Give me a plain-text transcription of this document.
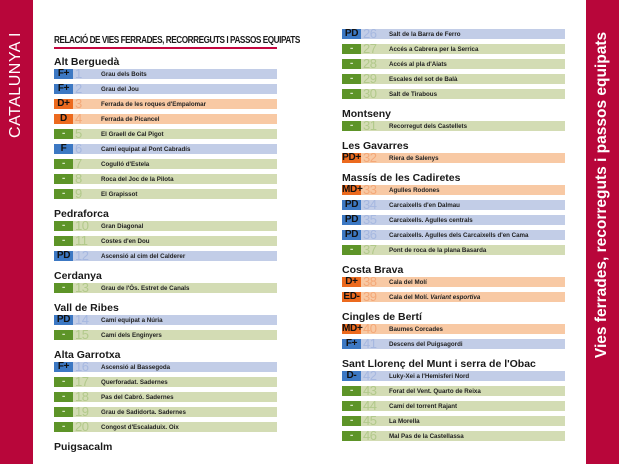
CATALUNYA I	Vies ferrades, recorreguts i passos equipats
RELACIÓ DE VIES FERRADES, RECORREGUTS I PASSOS EQUIPATS
Alt Berguedà
F+ 1	Grau dels Boits
F+ 2	Grau del Jou
D+ 3	Ferrada de les roques d'Empalomar
D 4	Ferrada de Picancel
- 5	El Graell de Cal Pigot
F 6	Camí equipat al Pont Cabradís
- 7	Cogulló d'Estela
- 8	Roca del Joc de la Pilota
- 9	El Grapissot
Pedraforca
- 10	Gran Diagonal
- 11	Costes d'en Dou
PD 12	Ascensió al cim del Calderer
Cerdanya
- 13	Grau de l'Ós. Estret de Canals
Vall de Ribes
PD 14	Camí equipat a Núria
- 15	Camí dels Enginyers
Alta Garrotxa
F+ 16	Ascensió al Bassegoda
- 17	Querforadat. Sadernes
- 18	Pas del Cabró. Sadernes
- 19	Grau de Sadidorta. Sadernes
- 20	Congost d'Escaladuix. Oix
Puigsacalm
PD 26	Salt de la Barra de Ferro
- 27	Accés a Cabrera per la Serrica
- 28	Accés al pla d'Aiats
- 29	Escales del sot de Balà
- 30	Salt de Tirabous
Montseny
- 31	Recorregut dels Castellets
Les Gavarres
PD+ 32	Riera de Salenys
Massís de les Cadiretes
MD+ 33	Agulles Rodones
PD 34	Carcaixells d'en Dalmau
PD 35	Carcaixells. Agulles centrals
PD 36	Carcaixells. Agulles dels Carcaixells d'en Cama
- 37	Pont de roca de la plana Basarda
Costa Brava
D+ 38	Cala del Molí
ED- 39	Cala del Molí. Variant esportiva
Cingles de Bertí
MD+ 40	Baumes Corcades
F+ 41	Descens del Puigsagordi
Sant Llorenç del Munt i serra de l'Obac
D- 42	Luky-Xei a l'Hemisferi Nord
- 43	Forat del Vent. Quarto de Reixa
- 44	Camí del torrent Rajant
- 45	La Morella
- 46	Mal Pas de la Castellassa
